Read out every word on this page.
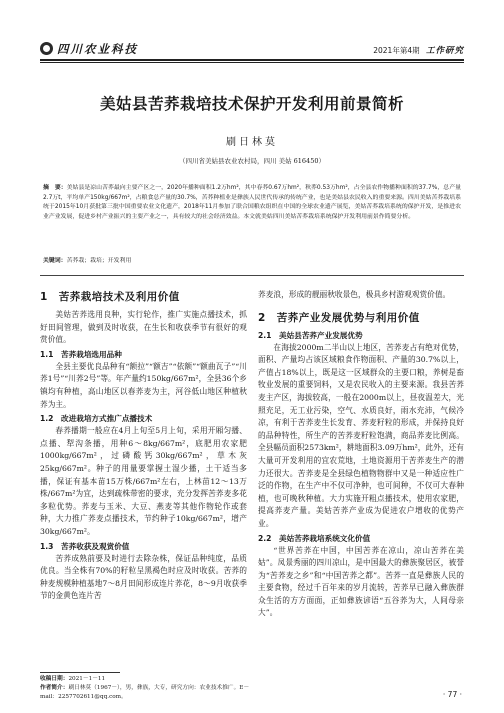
四川农业科技	2021年第4期 工作研究
美姑县苦荞栽培技术保护开发利用前景简析
刷日林莫
（四川省美姑县农业农村局，四川 美姑 616450）
摘　要：美姑县是凉山苦荞最向主要产区之一，2020年播种面积1.2万hm²，其中春荞0.67万hm²，秋荞0.53万hm²，占全县农作物播种面积的37.7%，总产量2.7万t，平均单产150kg/667m²，占粮食总产量的30.7%，苦荞种植业是彝族人民世代传承的传统产业，也是美姑县农民收入的重要来源。四川美姑苦荞栽培系统于2015年10月获批第三批中国重要农业文化遗产，2018年11月参加了联合国粮农组织在中国的全球农业遗产展览，美姑苦荞栽培系统的保护开发，是推进农业产业发展，促进乡村产业振兴的主要产业之一，具有较大的社会经济效益。本文就美姑四川美姑苦荞栽培系统保护开发利用前景作简要分析。
关键词：苦荞栽；栽培；开发利用
1　苦荞栽培技术及利用价值

美姑苦荞选用良种，实行轮作，推广实施点播技术，抓好田间管理，做到及时收获，在生长和收获季节有很好的观赏价值。

1.1　苦荞栽培选用品种

全县主要优良品种有“额拉”“额吉”“依额”“额曲瓦子”“川荞1号”“川荞2号”等。年产量约150kg/667m²，全县36个乡镇均有种植，高山地区以春荞麦为主，河谷低山地区种植秋荞为主。

1.2　改进栽培方式推广点播技术

春荞播期一般应在4月上旬至5月上旬，采用开厢匀播、点播、犁沟条播，用种6～8kg/667m²，底肥用农家肥1000kg/667m²，过磷酸钙30kg/667m²，草木灰25kg/667m²。种子的用量要掌握土湿少播，土干适当多播，保证有基本苗15万株/667m²左右，上林苗12～13万株/667m²为宜，达到疏株带密的要求，充分发挥苦荞麦多花多粒优势。荞麦与玉米、大豆、燕麦等其他作物轮作或套种，大力推广荞麦点播技术，节约种子10kg/667m²，增产30kg/667m²。

1.3　苦荞收获及观赏价值

苦荞成熟前要及时进行去除杂株，保证品种纯度，品质优良。当全株有70%的籽粒呈黑褐色时应及时收获。苦荞的种麦规模种植基地7～8月田间形成连片荞花，8～9月收获季节的金黄色连片苦

荞麦浪，形成的靓丽秋收景色，极具乡村游观观赏价值。

2　苦荞产业发展优势与利用价值
2.1　美姑县苦荞产业发展优势

在海拔2000m二半山以上地区，苦荞麦占有绝对优势，面积、产量均占该区域粮食作物面积、产量的30.7%以上，产值占18%以上，既是这一区域群众的主要口粮，养树是畜牧业发展的重要饲料，又是农民收入的主要来源。我县苦荞麦主产区，海拔较高，一般在2000m以上，昼夜温差大，光照充足，无工业污染，空气、水质良好，雨水充沛，气候冷凉，有利于苦荞麦生长发育、荞麦籽粒的形成，并保持良好的品种特性，所生产的苦荞麦籽粒饱满，商品荞麦比例高。全县幅员面积2573km²，耕地面积3.09万hm²，此外，还有大量可开发利用的宜农荒地，土地资源用于苦荞麦生产的潜力还很大。苦荞麦是全县绿色植物物群中又是一种适应性广泛的作物，在生产中不仅可净种，也可间种，不仅可大春种植，也可晚秋种植。大力实施开粗点播技术，使用农家肥，提高荞麦产量。美姑苦荞产业成为促进农户增收的优势产业。

2.2　美姑苦荞栽培系统文化价值

“世界苦荞在中国，中国苦荞在凉山，凉山苦荞在美姑”。凤景秀丽的四川凉山，是中国最大的彝族聚居区，被誉为“苦荞麦之乡”和“中国苦荞之都”。苦荞一直是彝族人民的主要食物，经过千百年来的岁月流转，苦荞早已融入彝族群众生活的方方面面，正如彝族谚语“五谷荞为大，人间母亲大”。

收稿日期：2021－1－11
作者简介：刷日林莫（1967－），男，彝族，大专，研究方向：农业技术推广。E－mail：2257702611@qq.com。	· 77 ·
